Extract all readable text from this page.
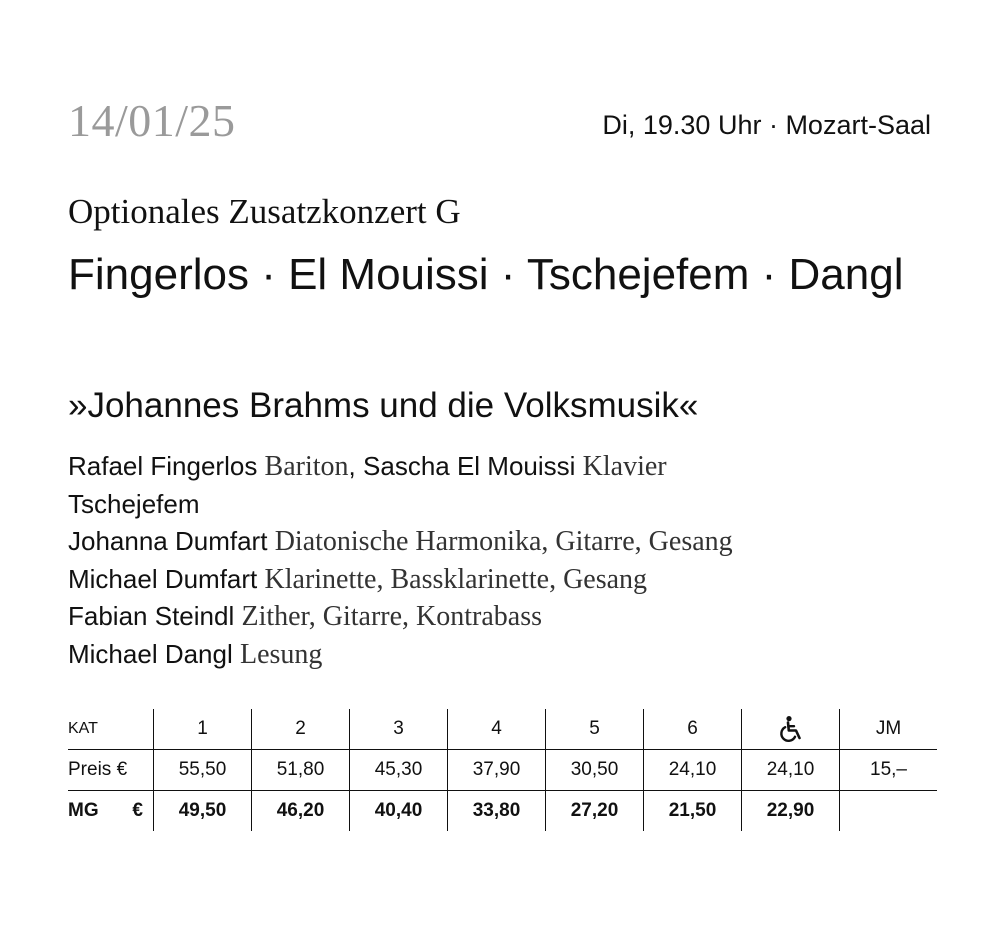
14/01/25	Di, 19.30 Uhr · Mozart-Saal
Optionales Zusatzkonzert G
Fingerlos · El Mouissi · Tschejefem · Dangl
»Johannes Brahms und die Volksmusik«
Rafael Fingerlos Bariton, Sascha El Mouissi Klavier
Tschejefem
Johanna Dumfart Diatonische Harmonika, Gitarre, Gesang
Michael Dumfart Klarinette, Bassklarinette, Gesang
Fabian Steindl Zither, Gitarre, Kontrabass
Michael Dangl Lesung
KAT	1	2	3	4	5	6		JM
Preis €	55,50	51,80	45,30	37,90	30,50	24,10	24,10	15,–

MG €	49,50	46,20	40,40	33,80	27,20	21,50	22,90	
